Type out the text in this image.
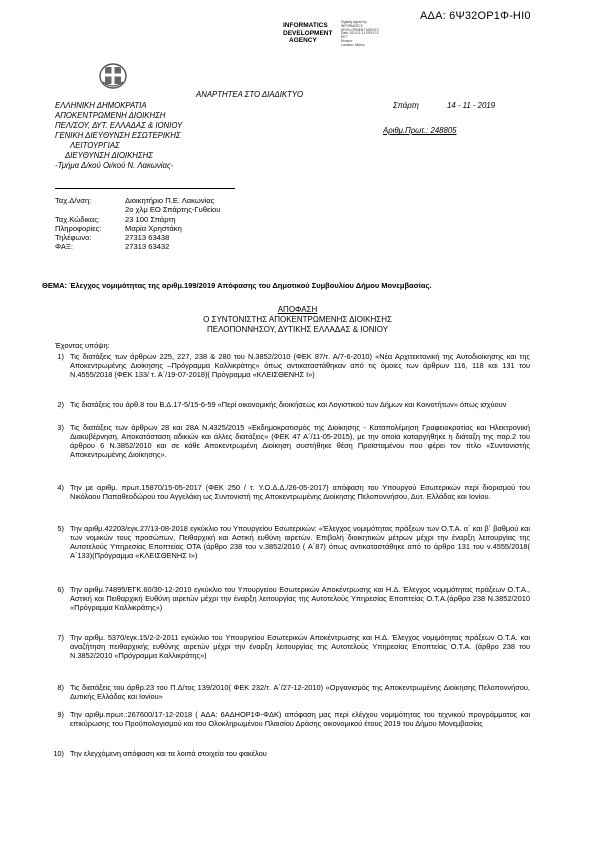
ΑΔΑ: 6Ψ32ΟΡ1Φ-ΗΙ0
INFORMATICS
DEVELOPMENT
AGENCY
Digitally signed by
INFORMATICS
DEVELOPMENT AGENCY
Date: 2019.11.14 09:51:13
EET
Reason:
Location: Athens
ΑΝΑΡΤΗΤΕΑ ΣΤΟ ΔΙΑΔΙΚΤΥΟ
ΕΛΛΗΝΙΚΗ ΔΗΜΟΚΡΑΤΙΑ
ΑΠΟΚΕΝΤΡΩΜΕΝΗ ΔΙΟΙΚΗΣΗ
ΠΕΛ/ΣΟΥ, ΔΥΤ. ΕΛΛΑΔΑΣ & ΙΟΝΙΟΥ
ΓΕΝΙΚΗ ΔΙΕΥΘΥΝΣΗ ΕΣΩΤΕΡΙΚΗΣ
ΛΕΙΤΟΥΡΓΙΑΣ
ΔΙΕΥΘΥΝΣΗ ΔΙΟΙΚΗΣΗΣ
-Τμήμα Δ/κού Οι/κού Ν. Λακωνίας-
Σπάρτη	14 - 11 - 2019
Αριθμ.Πρωτ.: 248805
Ταχ.Δ/νση:	Διοικητήριο Π.Ε. Λακωνίας
2ο χλμ ΕΟ Σπάρτης-Γυθείου
Ταχ.Κώδικας:	23 100 Σπάρτη
Πληροφορίες:	Μαρία Χρηστάκη
Τηλέφωνο:	27313 63438
ΦΑΞ:	27313 63432
ΘΕΜΑ: Έλεγχος νομιμότητας της αριθμ.199/2019 Απόφασης του Δημοτικού Συμβουλίου Δήμου Μονεμβασίας.
ΑΠΟΦΑΣΗ
Ο ΣΥΝΤΟΝΙΣΤΗΣ ΑΠΟΚΕΝΤΡΩΜΕΝΗΣ ΔΙΟΙΚΗΣΗΣ
ΠΕΛΟΠΟΝΝΗΣΟΥ, ΔΥΤΙΚΗΣ ΕΛΛΑΔΑΣ & ΙΟΝΙΟΥ
Έχοντας υπόψη:
1) Τις διατάξεις των άρθρων 225, 227, 238 & 280 του Ν.3852/2010 (ΦΕΚ 87/τ. Α/7-6-2010) «Νέα Αρχιτεκτονική της Αυτοδιοίκησης και της Αποκεντρωμένης Διοίκησης –Πρόγραμμα Καλλικράτης» όπως αντικαταστάθηκαν από τις όμοιες των άρθρων 116, 118 και 131 του Ν.4555/2018 (ΦΕΚ 133/ τ. Α΄/19-07-2018)( Πρόγραμμα «ΚΛΕΙΣΘΕΝΗΣ Ι»)
2) Τις διατάξεις του άρθ.8 του Β.Δ.17-5/15-6-59 «Περί οικονομικής διοικήσεως και Λογιστικού των Δήμων και Κοινοτήτων» όπως ισχύουν
3) Τις διατάξεις των άρθρων 28 και 28Α Ν.4325/2015 «Εκδημοκρατισμός της Διοίκησης - Καταπολέμηση Γραφειοκρατίας και Ηλεκτρονική Διακυβέρνηση. Αποκατάσταση αδικιών και άλλες διατάξεις» (ΦΕΚ 47 Α΄/11-05-2015), με την οποία καταργήθηκε η διάταξη της παρ.2 του άρθρου 6 Ν.3852/2010 και σε κάθε Αποκεντρωμένη Διοίκηση συστήθηκε θέση Προϊσταμένου που φέρει τον τίτλο «Συντονιστής Αποκεντρωμένης Διοίκησης».
4) Την με αριθμ. πρωτ.15870/15-05-2017 (ΦΕΚ 250 / τ. Υ.Ο.Δ.Δ./26-05-2017) απόφαση του Υπουργού Εσωτερικών περί διορισμού του Νικόλαου Παπαθεοδώρου του Αγγελάκη ως Συντονιστή της Αποκεντρωμένης Διοίκησης Πελοποννήσου, Δυτ. Ελλάδας και Ιονίου.
5) Την αριθμ.42203/εγκ.27/13-08-2018 εγκύκλιο του Υπουργείου Εσωτερικών: «Έλεγχος νομιμότητας πράξεων των Ο.Τ.Α. α΄ και β΄ βαθμού και των νομικών τους προσώπων, Πειθαρχική και Αστική ευθύνη αιρετών. Επιβολή διοικητικών μέτρων μέχρι την έναρξη λειτουργίας της Αυτοτελούς Υπηρεσίας Εποπτείας ΟΤΑ (άρθρο 238 του ν.3852/2010 ( Α΄87) όπως αντικαταστάθηκε από το άρθρο 131 του ν.4555/2018( Α΄133)(Πρόγραμμα «ΚΛΕΙΣΘΕΝΗΣ Ι»)
6) Την αριθμ.74895/ΕΓΚ.60/30-12-2010 εγκύκλιο του Υπουργείου Εσωτερικών Αποκέντρωσης και Η.Δ. Έλεγχος νομιμότητας πράξεων Ο.Τ.Α., Αστική και Πειθαρχική Ευθύνη αιρετών μέχρι την έναρξη λειτουργίας της Αυτοτελούς Υπηρεσίας Εποπτείας Ο.Τ.Α.(άρθρο 238 Ν.3852/2010 «Πρόγραμμα Καλλικράτης»)
7) Την αριθμ. 5370/εγκ.15/2-2-2011 εγκύκλιο του Υπουργείου Εσωτερικών Αποκέντρωσης και Η.Δ. Έλεγχος νομιμότητας πράξεων Ο.Τ.Α. και αναζήτηση πειθαρχικής ευθύνης αιρετών μέχρι την έναρξη λειτουργίας της Αυτοτελούς Υπηρεσίας Εποπτείας Ο.Τ.Α. (άρθρο 238 του Ν.3852/2010 «Πρόγραμμα Καλλικράτης»)
8) Τις διατάξεις του άρθρ.23 του Π.Δ/τος 139/2010( ΦΕΚ 232/τ. Α΄/27-12-2010) «Οργανισμός της Αποκεντρωμένης Διοίκησης Πελοποννήσου, Δυτικής Ελλάδας και Ιονίου»
9) Την αριθμ.πρωτ.:267600/17-12-2018 ( ΑΔΑ: 6ΑΔΗΟΡ1Φ-ΦΔΚ) απόφαση μας περί ελέγχου νομιμότητας του τεχνικού προγράμματος και επικύρωσης του Προϋπολογισμού και του Ολοκληρωμένου Πλαισίου Δράσης οικονομικού έτους 2019 του Δήμου Μονεμβασίας
10) Την ελεγχόμενη απόφαση και τα λοιπά στοιχεία του φακέλου
